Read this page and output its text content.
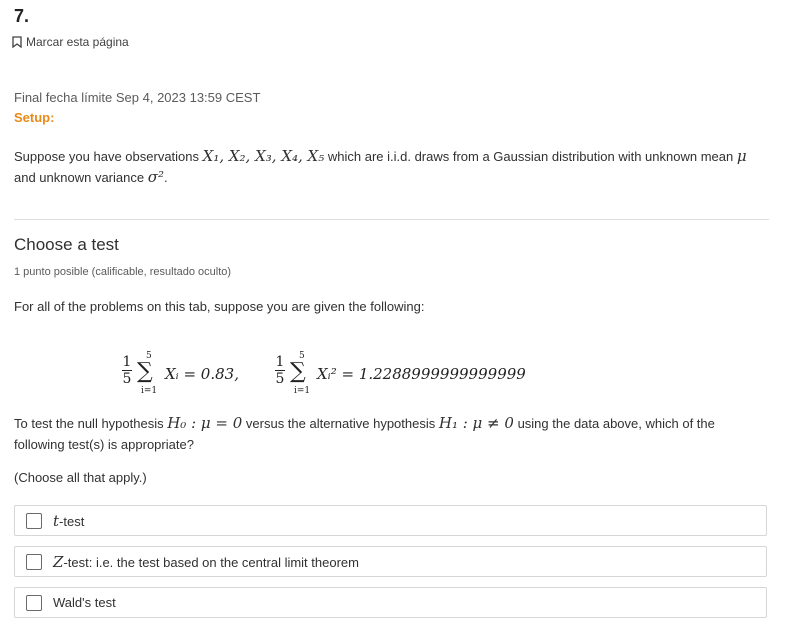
7.
Marcar esta página
Final fecha límite Sep 4, 2023 13:59 CEST
Setup:
Suppose you have observations X₁, X₂, X₃, X₄, X₅ which are i.i.d. draws from a Gaussian distribution with unknown mean μ and unknown variance σ².
Choose a test
1 punto posible (calificable, resultado oculto)
For all of the problems on this tab, suppose you are given the following:
1
5
5
∑
i=1
Xᵢ = 0.83,
1
5
5
∑
i=1
Xᵢ² = 1.2288999999999999
To test the null hypothesis H₀ : μ = 0 versus the alternative hypothesis H₁ : μ ≠ 0 using the data above, which of the following test(s) is appropriate?
(Choose all that apply.)
t-test
Z-test: i.e. the test based on the central limit theorem
Wald's test
